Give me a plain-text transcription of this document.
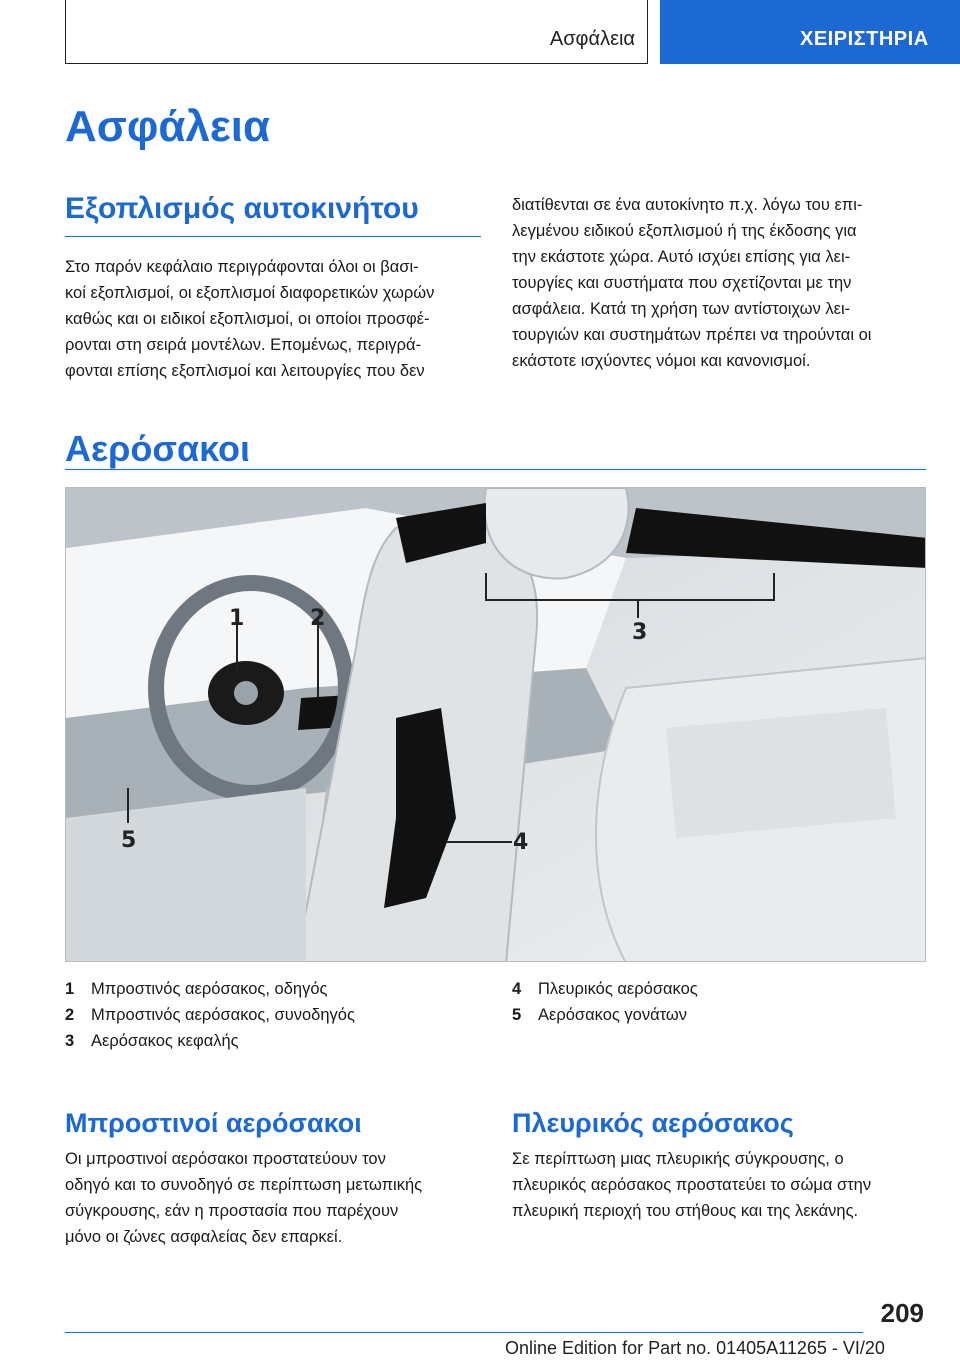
Ασφάλεια	ΧΕΙΡΙΣΤΗΡΙΑ
Ασφάλεια
Εξοπλισμός αυτοκινήτου

Στο παρόν κεφάλαιο περιγράφονται όλοι οι βασι-
κοί εξοπλισμοί, οι εξοπλισμοί διαφορετικών χωρών
καθώς και οι ειδικοί εξοπλισμοί, οι οποίοι προσφέ-
ρονται στη σειρά μοντέλων. Επομένως, περιγρά-
φονται επίσης εξοπλισμοί και λειτουργίες που δεν

διατίθενται σε ένα αυτοκίνητο π.χ. λόγω του επι-
λεγμένου ειδικού εξοπλισμού ή της έκδοσης για
την εκάστοτε χώρα. Αυτό ισχύει επίσης για λει-
τουργίες και συστήματα που σχετίζονται με την
ασφάλεια. Κατά τη χρήση των αντίστοιχων λει-
τουργιών και συστημάτων πρέπει να τηρούνται οι
εκάστοτε ισχύοντες νόμοι και κανονισμοί.

Αερόσακοι
1	2
3
4
5
1	Μπροστινός αερόσακος, οδηγός
2	Μπροστινός αερόσακος, συνοδηγός
3	Αερόσακος κεφαλής
4	Πλευρικός αερόσακος
5	Αερόσακος γονάτων
Μπροστινοί αερόσακοι

Οι μπροστινοί αερόσακοι προστατεύουν τον
οδηγό και το συνοδηγό σε περίπτωση μετωπικής
σύγκρουσης, εάν η προστασία που παρέχουν
μόνο οι ζώνες ασφαλείας δεν επαρκεί.

Πλευρικός αερόσακος

Σε περίπτωση μιας πλευρικής σύγκρουσης, ο
πλευρικός αερόσακος προστατεύει το σώμα στην
πλευρική περιοχή του στήθους και της λεκάνης.

209
Online Edition for Part no. 01405A11265 - VI/20
